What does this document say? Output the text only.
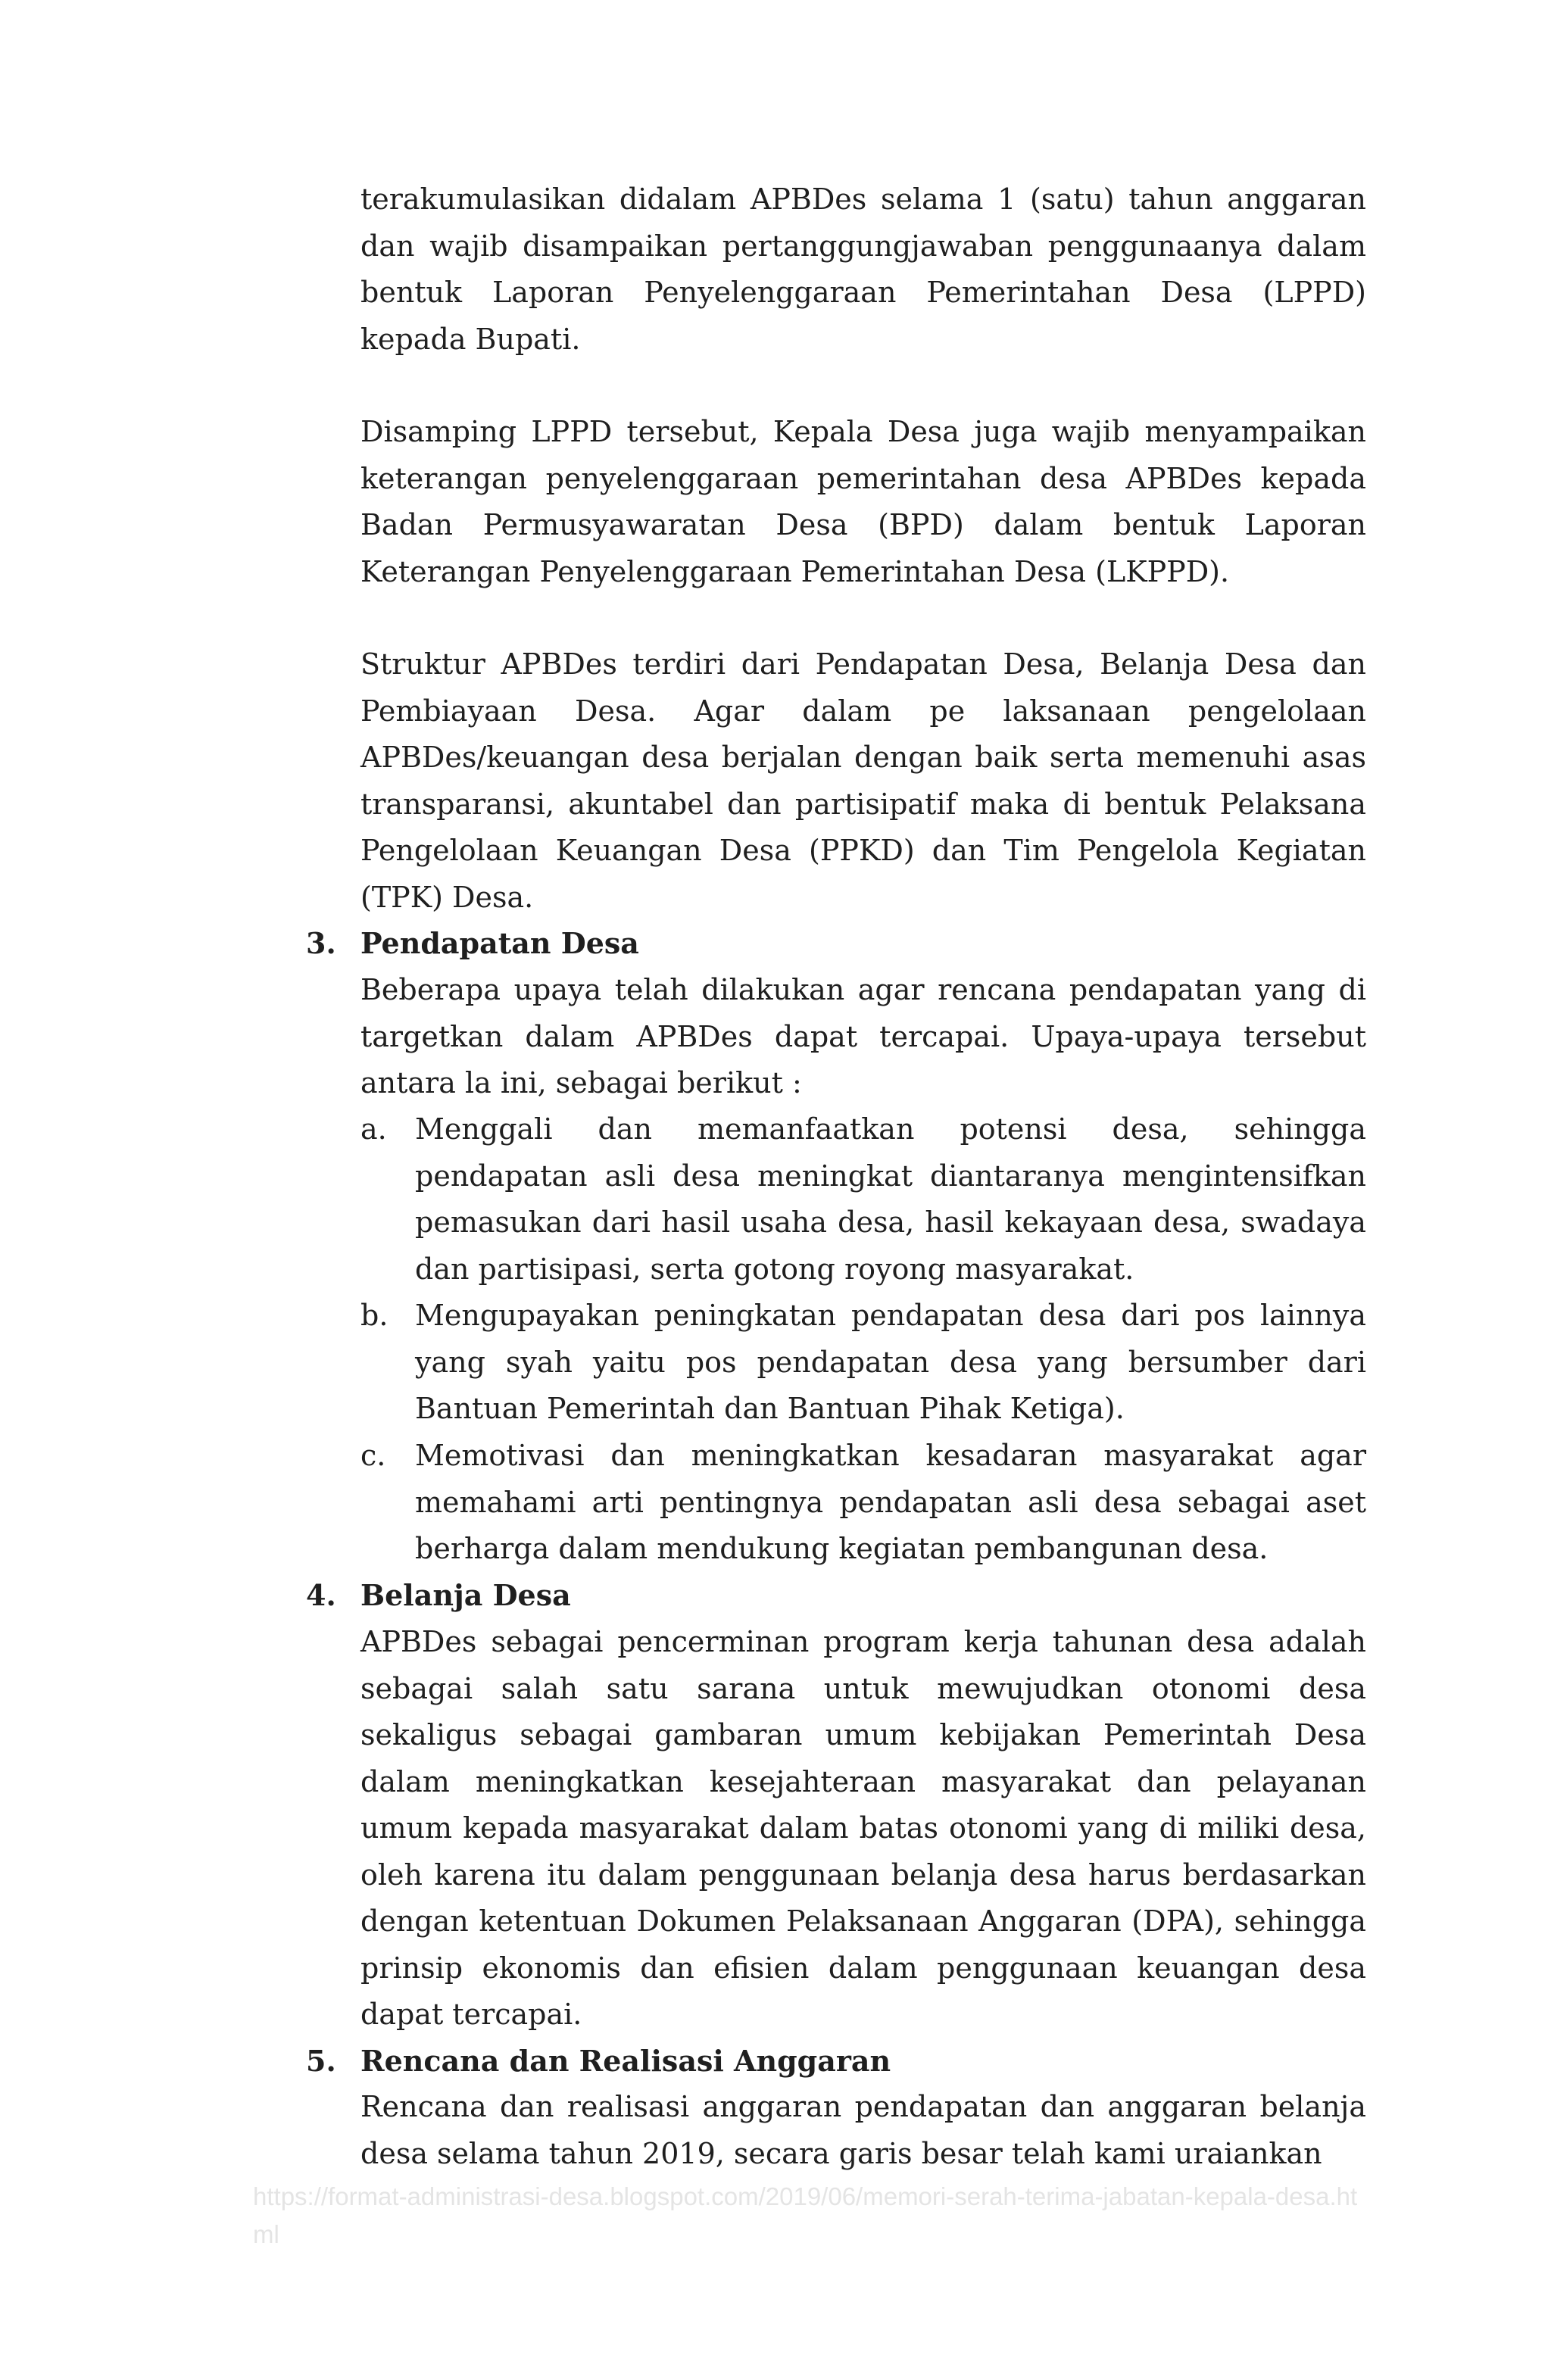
terakumulasikan didalam APBDes selama 1 (satu) tahun anggaran dan wajib disampaikan pertanggungjawaban penggunaanya dalam bentuk Laporan Penyelenggaraan Pemerintahan Desa (LPPD) kepada Bupati.

Disamping LPPD tersebut, Kepala Desa juga wajib menyampaikan keterangan penyelenggaraan pemerintahan desa APBDes kepada Badan Permusyawaratan Desa (BPD) dalam bentuk Laporan Keterangan Penyelenggaraan Pemerintahan Desa (LKPPD).

Struktur APBDes terdiri dari Pendapatan Desa, Belanja Desa dan Pembiayaan Desa. Agar dalam pe laksanaan pengelolaan APBDes/keuangan desa berjalan dengan baik serta memenuhi asas transparansi, akuntabel dan partisipatif maka di bentuk Pelaksana Pengelolaan Keuangan Desa (PPKD) dan Tim Pengelola Kegiatan (TPK) Desa.

3. Pendapatan Desa

Beberapa upaya telah dilakukan agar rencana pendapatan yang di targetkan dalam APBDes dapat tercapai. Upaya-upaya tersebut antara la ini, sebagai berikut :

a. Menggali dan memanfaatkan potensi desa, sehingga pendapatan asli desa meningkat diantaranya mengintensifkan pemasukan dari hasil usaha desa, hasil kekayaan desa, swadaya dan partisipasi, serta gotong royong masyarakat.

b. Mengupayakan peningkatan pendapatan desa dari pos lainnya yang syah yaitu pos pendapatan desa yang bersumber dari Bantuan Pemerintah dan Bantuan Pihak Ketiga).

c.	Memotivasi dan meningkatkan kesadaran masyarakat agar memahami arti pentingnya pendapatan asli desa sebagai aset berharga dalam mendukung kegiatan pembangunan desa.

4. Belanja Desa

APBDes sebagai pencerminan program kerja tahunan desa adalah sebagai salah satu sarana untuk mewujudkan otonomi desa sekaligus sebagai gambaran umum kebijakan Pemerintah Desa dalam meningkatkan kesejahteraan masyarakat dan pelayanan umum kepada masyarakat dalam batas otonomi yang di miliki desa, oleh karena itu dalam penggunaan belanja desa harus berdasarkan dengan ketentuan Dokumen Pelaksanaan Anggaran (DPA), sehingga prinsip ekonomis dan efisien dalam penggunaan keuangan desa dapat tercapai.

5. Rencana dan Realisasi Anggaran

Rencana dan realisasi anggaran pendapatan dan anggaran belanja desa selama tahun 2019, secara garis besar telah kami uraiankan

https://format-administrasi-desa.blogspot.com/2019/06/memori-serah-terima-jabatan-kepala-desa.html
